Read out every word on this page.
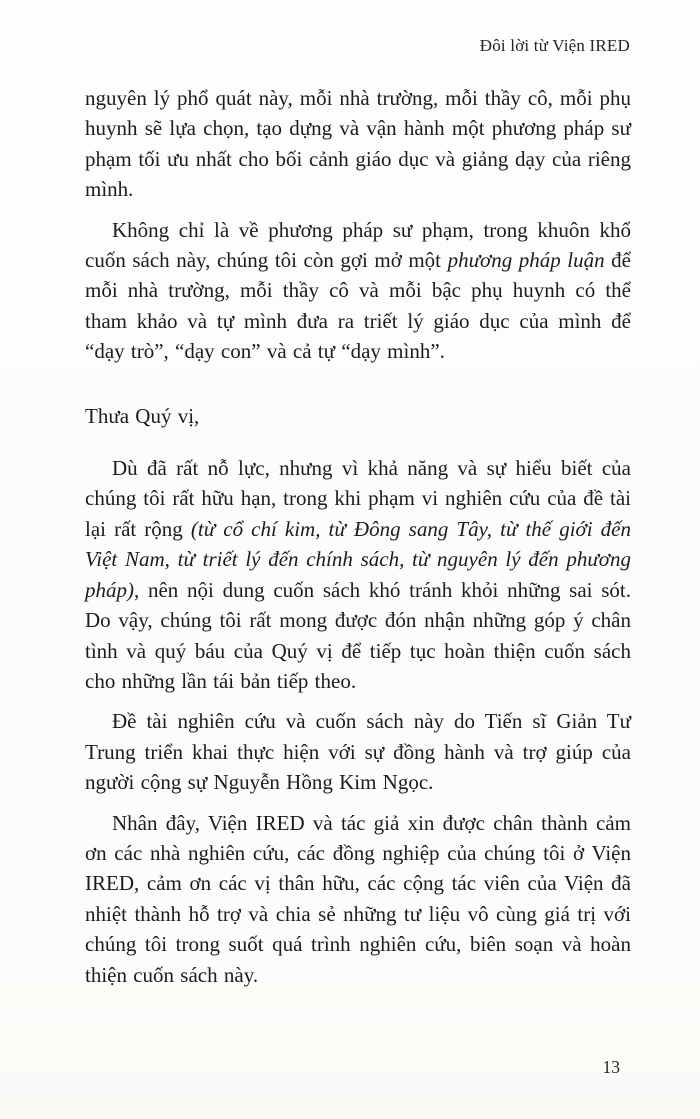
Đôi lời từ Viện IRED

nguyên lý phổ quát này, mỗi nhà trường, mỗi thầy cô, mỗi phụ huynh sẽ lựa chọn, tạo dựng và vận hành một phương pháp sư phạm tối ưu nhất cho bối cảnh giáo dục và giảng dạy của riêng mình.

Không chỉ là về phương pháp sư phạm, trong khuôn khổ cuốn sách này, chúng tôi còn gợi mở một phương pháp luận để mỗi nhà trường, mỗi thầy cô và mỗi bậc phụ huynh có thể tham khảo và tự mình đưa ra triết lý giáo dục của mình để “dạy trò”, “dạy con” và cả tự “dạy mình”.

Thưa Quý vị,

Dù đã rất nỗ lực, nhưng vì khả năng và sự hiểu biết của chúng tôi rất hữu hạn, trong khi phạm vi nghiên cứu của đề tài lại rất rộng (từ cổ chí kim, từ Đông sang Tây, từ thế giới đến Việt Nam, từ triết lý đến chính sách, từ nguyên lý đến phương pháp), nên nội dung cuốn sách khó tránh khỏi những sai sót. Do vậy, chúng tôi rất mong được đón nhận những góp ý chân tình và quý báu của Quý vị để tiếp tục hoàn thiện cuốn sách cho những lần tái bản tiếp theo.

Đề tài nghiên cứu và cuốn sách này do Tiến sĩ Giản Tư Trung triển khai thực hiện với sự đồng hành và trợ giúp của người cộng sự Nguyễn Hồng Kim Ngọc.

Nhân đây, Viện IRED và tác giả xin được chân thành cảm ơn các nhà nghiên cứu, các đồng nghiệp của chúng tôi ở Viện IRED, cảm ơn các vị thân hữu, các cộng tác viên của Viện đã nhiệt thành hỗ trợ và chia sẻ những tư liệu vô cùng giá trị với chúng tôi trong suốt quá trình nghiên cứu, biên soạn và hoàn thiện cuốn sách này.

13
